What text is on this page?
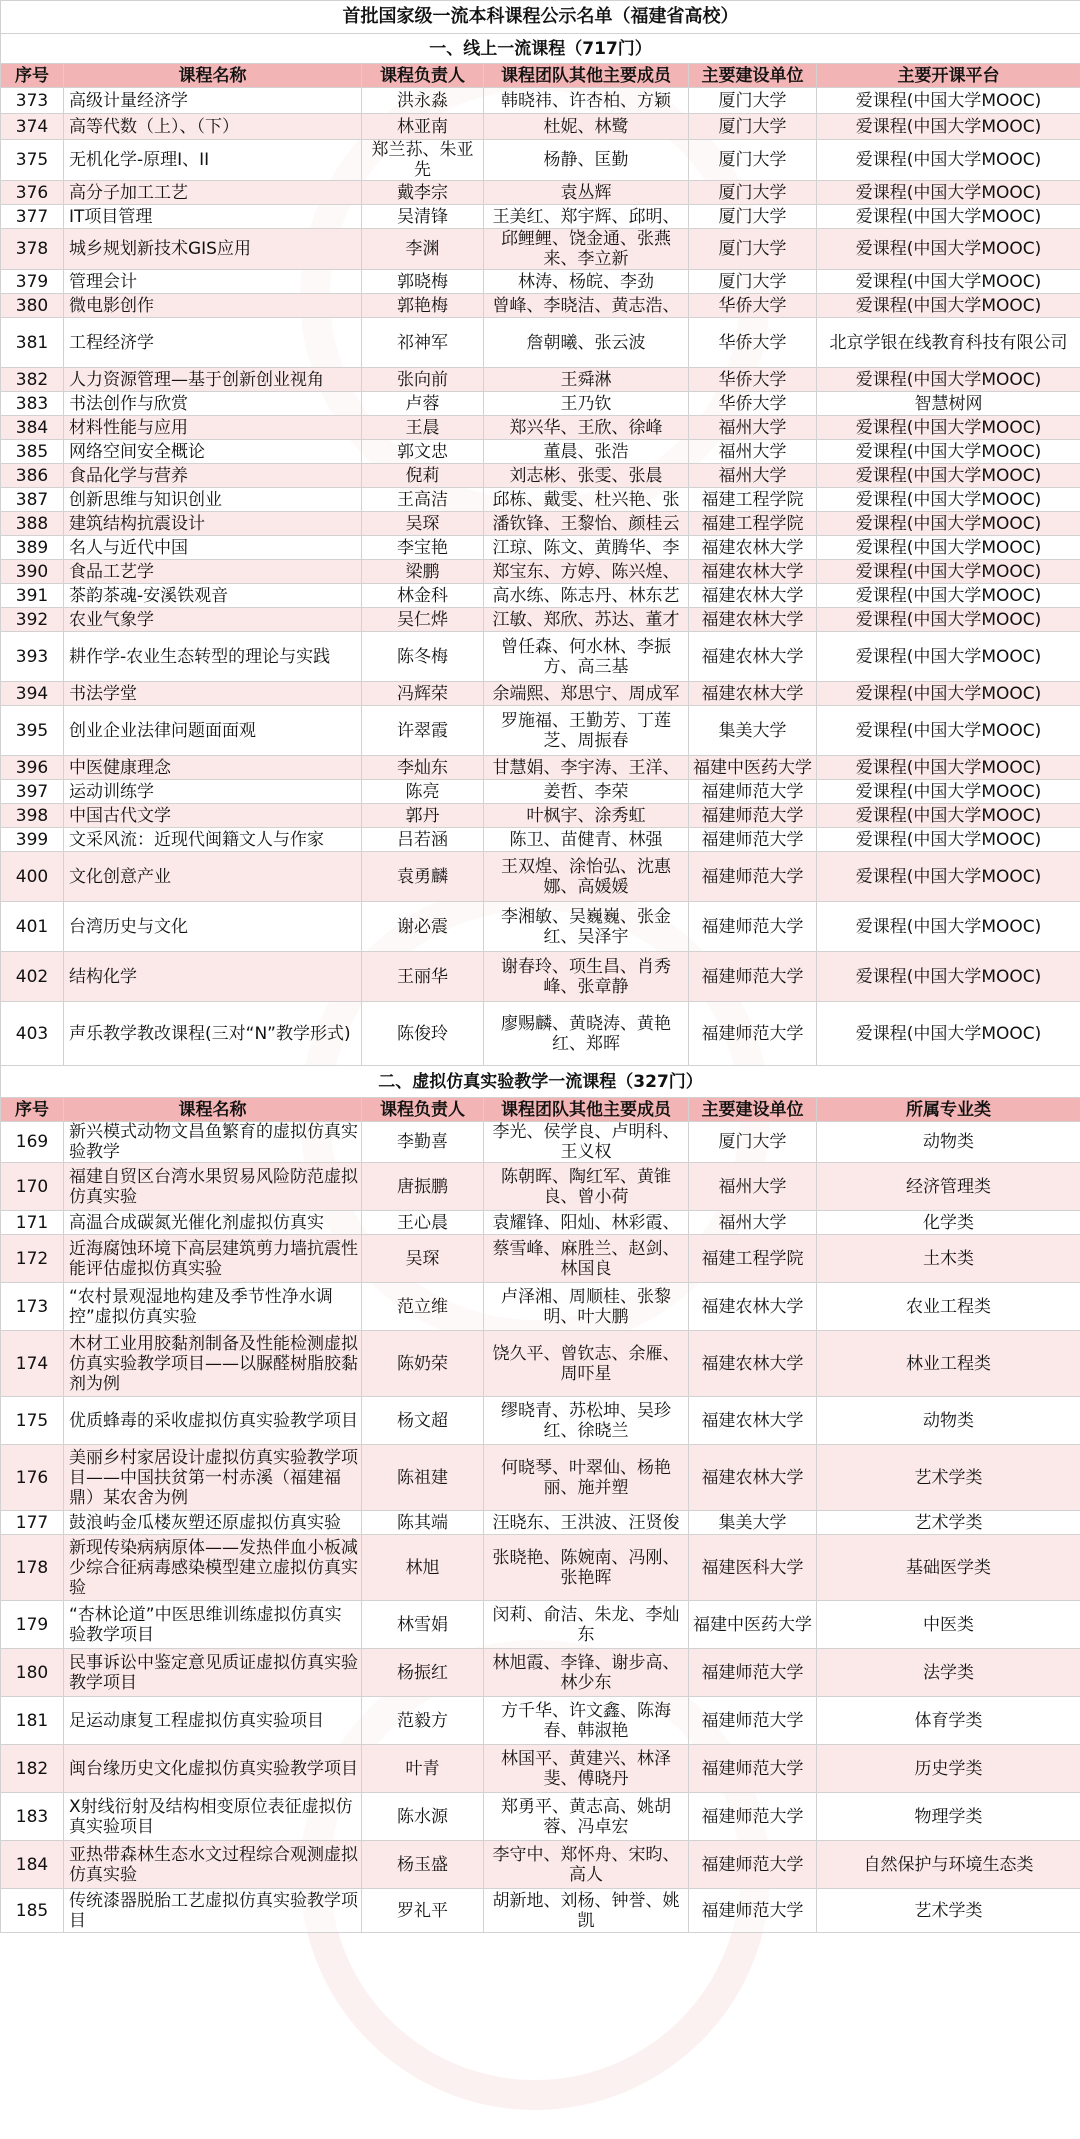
首批国家级一流本科课程公示名单（福建省高校）					
一、线上一流课程（717门）					
序号	课程名称	课程负责人	课程团队其他主要成员	主要建设单位	主要开课平台
373	高级计量经济学	洪永淼	韩晓祎、许杏柏、方颖	厦门大学	爱课程(中国大学MOOC)
374	高等代数（上）、（下）	林亚南	杜妮、林鹭	厦门大学	爱课程(中国大学MOOC)
375	无机化学-原理I、II	郑兰荪、朱亚先	杨静、匡勤	厦门大学	爱课程(中国大学MOOC)
376	高分子加工工艺	戴李宗	袁丛辉	厦门大学	爱课程(中国大学MOOC)
377	IT项目管理	吴清锋	王美红、郑宇辉、邱明、	厦门大学	爱课程(中国大学MOOC)
378	城乡规划新技术GIS应用	李渊	邱鲤鲤、饶金通、张燕来、李立新	厦门大学	爱课程(中国大学MOOC)
379	管理会计	郭晓梅	林涛、杨皖、李劲	厦门大学	爱课程(中国大学MOOC)
380	微电影创作	郭艳梅	曾峰、李晓洁、黄志浩、	华侨大学	爱课程(中国大学MOOC)
381	工程经济学	祁神军	詹朝曦、张云波	华侨大学	北京学银在线教育科技有限公司
382	人力资源管理—基于创新创业视角	张向前	王舜淋	华侨大学	爱课程(中国大学MOOC)
383	书法创作与欣赏	卢蓉	王乃钦	华侨大学	智慧树网
384	材料性能与应用	王晨	郑兴华、王欣、徐峰	福州大学	爱课程(中国大学MOOC)
385	网络空间安全概论	郭文忠	董晨、张浩	福州大学	爱课程(中国大学MOOC)
386	食品化学与营养	倪莉	刘志彬、张雯、张晨	福州大学	爱课程(中国大学MOOC)
387	创新思维与知识创业	王高洁	邱栋、戴雯、杜兴艳、张	福建工程学院	爱课程(中国大学MOOC)
388	建筑结构抗震设计	吴琛	潘钦锋、王黎怡、颜桂云	福建工程学院	爱课程(中国大学MOOC)
389	名人与近代中国	李宝艳	江琼、陈文、黄腾华、李	福建农林大学	爱课程(中国大学MOOC)
390	食品工艺学	梁鹏	郑宝东、方婷、陈兴煌、	福建农林大学	爱课程(中国大学MOOC)
391	茶韵茶魂-安溪铁观音	林金科	高水练、陈志丹、林东艺	福建农林大学	爱课程(中国大学MOOC)
392	农业气象学	吴仁烨	江敏、郑欣、苏达、董才	福建农林大学	爱课程(中国大学MOOC)
393	耕作学-农业生态转型的理论与实践	陈冬梅	曾任森、何水林、李振方、高三基	福建农林大学	爱课程(中国大学MOOC)
394	书法学堂	冯辉荣	余端熙、郑思宁、周成军	福建农林大学	爱课程(中国大学MOOC)
395	创业企业法律问题面面观	许翠霞	罗施福、王勤芳、丁莲芝、周振春	集美大学	爱课程(中国大学MOOC)
396	中医健康理念	李灿东	甘慧娟、李宇涛、王洋、	福建中医药大学	爱课程(中国大学MOOC)
397	运动训练学	陈亮	姜哲、李荣	福建师范大学	爱课程(中国大学MOOC)
398	中国古代文学	郭丹	叶枫宇、涂秀虹	福建师范大学	爱课程(中国大学MOOC)
399	文采风流：近现代闽籍文人与作家	吕若涵	陈卫、苗健青、林强	福建师范大学	爱课程(中国大学MOOC)
400	文化创意产业	袁勇麟	王双煌、涂怡弘、沈惠娜、高媛媛	福建师范大学	爱课程(中国大学MOOC)
401	台湾历史与文化	谢必震	李湘敏、吴巍巍、张金红、吴泽宇	福建师范大学	爱课程(中国大学MOOC)
402	结构化学	王丽华	谢春玲、项生昌、肖秀峰、张章静	福建师范大学	爱课程(中国大学MOOC)
403	声乐教学教改课程(三对“N”教学形式)	陈俊玲	廖赐麟、黄晓涛、黄艳红、郑晖	福建师范大学	爱课程(中国大学MOOC)
二、虚拟仿真实验教学一流课程（327门）					
序号	课程名称	课程负责人	课程团队其他主要成员	主要建设单位	所属专业类
169	新兴模式动物文昌鱼繁育的虚拟仿真实验教学	李勤喜	李光、侯学良、卢明科、王义权	厦门大学	动物类
170	福建自贸区台湾水果贸易风险防范虚拟仿真实验	唐振鹏	陈朝晖、陶红军、黄锥良、曾小荷	福州大学	经济管理类
171	高温合成碳氮光催化剂虚拟仿真实	王心晨	袁耀锋、阳灿、林彩霞、	福州大学	化学类
172	近海腐蚀环境下高层建筑剪力墙抗震性能评估虚拟仿真实验	吴琛	蔡雪峰、麻胜兰、赵剑、林国良	福建工程学院	土木类
173	“农村景观湿地构建及季节性净水调控”虚拟仿真实验	范立维	卢泽湘、周顺桂、张黎明、叶大鹏	福建农林大学	农业工程类
174	木材工业用胶黏剂制备及性能检测虚拟仿真实验教学项目——以脲醛树脂胶黏剂为例	陈奶荣	饶久平、曾钦志、余雁、周吓星	福建农林大学	林业工程类
175	优质蜂毒的采收虚拟仿真实验教学项目	杨文超	缪晓青、苏松坤、吴珍红、徐晓兰	福建农林大学	动物类
176	美丽乡村家居设计虚拟仿真实验教学项目——中国扶贫第一村赤溪（福建福鼎）某农舍为例	陈祖建	何晓琴、叶翠仙、杨艳丽、施并塑	福建农林大学	艺术学类
177	鼓浪屿金瓜楼灰塑还原虚拟仿真实验	陈其端	汪晓东、王洪波、汪贤俊	集美大学	艺术学类
178	新现传染病病原体——发热伴血小板减少综合征病毒感染模型建立虚拟仿真实验	林旭	张晓艳、陈婉南、冯刚、张艳晖	福建医科大学	基础医学类
179	“杏林论道”中医思维训练虚拟仿真实验教学项目	林雪娟	闵莉、俞洁、朱龙、李灿东	福建中医药大学	中医类
180	民事诉讼中鉴定意见质证虚拟仿真实验教学项目	杨振红	林旭霞、李锋、谢步高、林少东	福建师范大学	法学类
181	足运动康复工程虚拟仿真实验项目	范毅方	方千华、许文鑫、陈海春、韩淑艳	福建师范大学	体育学类
182	闽台缘历史文化虚拟仿真实验教学项目	叶青	林国平、黄建兴、林泽斐、傅晓丹	福建师范大学	历史学类
183	X射线衍射及结构相变原位表征虚拟仿真实验项目	陈水源	郑勇平、黄志高、姚胡蓉、冯卓宏	福建师范大学	物理学类
184	亚热带森林生态水文过程综合观测虚拟仿真实验	杨玉盛	李守中、郑怀舟、宋昀、高人	福建师范大学	自然保护与环境生态类
185	传统漆器脱胎工艺虚拟仿真实验教学项目	罗礼平	胡新地、刘杨、钟誉、姚凯	福建师范大学	艺术学类
